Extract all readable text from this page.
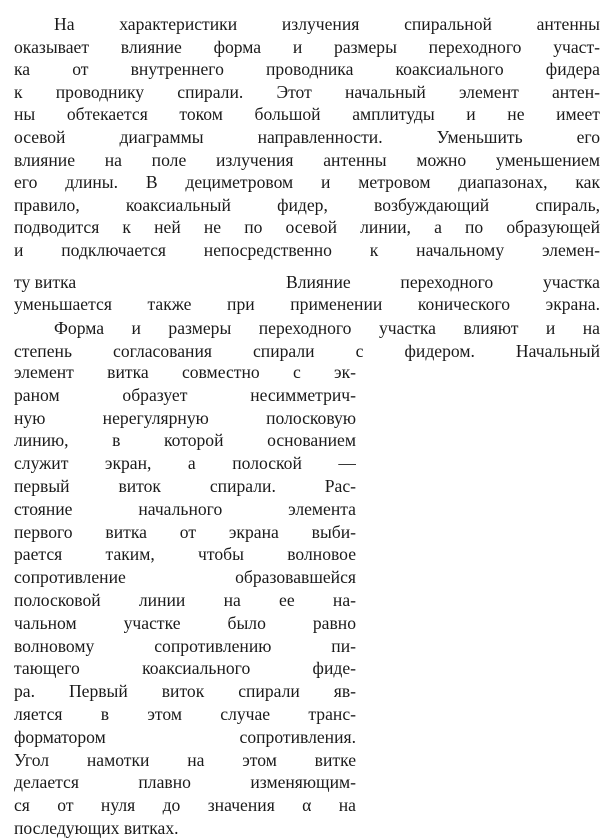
На характеристики излучения спиральной антенны
оказывает влияние форма и размеры переходного участ-
ка от внутреннего проводника коаксиального фидера
к проводнику спирали. Этот начальный элемент антен-
ны обтекается током большой амплитуды и не имеет
осевой диаграммы направленности. Уменьшить его
влияние на поле излучения антенны можно уменьшением
его длины. В дециметровом и метровом диапазонах, как
правило, коаксиальный фидер, возбуждающий спираль,
подводится к ней не по осевой линии, а по образующей
и подключается непосредственно к начальному элемен-
уменьшается также при применении конического экрана.
Форма и размеры переходного участка влияют и на
степень согласования спирали с фидером. Начальный
элемент витка совместно с эк-
раном образует несимметрич-
ную нерегулярную полосковую
линию, в которой основанием
служит экран, а полоской —
первый виток спирали. Рас-
стояние начального элемента
первого витка от экрана выби-
рается таким, чтобы волновое
сопротивление образовавшейся
полосковой линии на ее на-
чальном участке было равно
волновому сопротивлению пи-
тающего коаксиального фиде-
ра. Первый виток спирали яв-
ляется в этом случае транс-
форматором сопротивления.
Угол намотки на этом витке
делается плавно изменяющим-
ся от нуля до значения α на
последующих витках.
ту витка	Влияние переходного участка
